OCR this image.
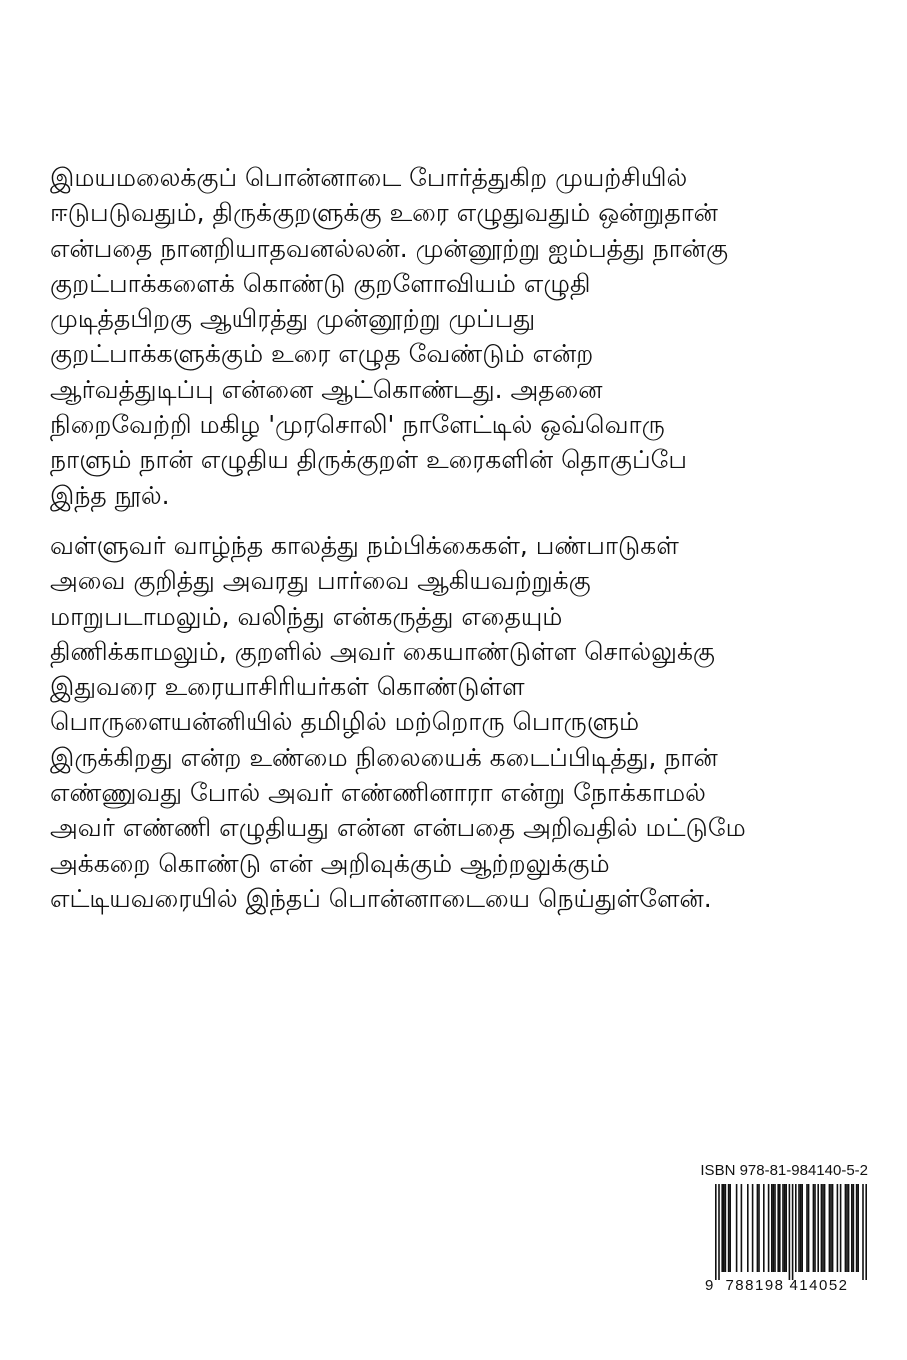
இமயமலைக்குப் பொன்னாடை போர்த்துகிற முயற்சியில்
ஈடுபடுவதும், திருக்குறளுக்கு உரை எழுதுவதும் ஒன்றுதான்
என்பதை நானறியாதவனல்லன். முன்னூற்று ஐம்பத்து நான்கு
குறட்பாக்களைக் கொண்டு குறளோவியம் எழுதி
முடித்தபிறகு ஆயிரத்து முன்னூற்று முப்பது
குறட்பாக்களுக்கும் உரை எழுத வேண்டும் என்ற
ஆர்வத்துடிப்பு என்னை ஆட்கொண்டது. அதனை
நிறைவேற்றி மகிழ 'முரசொலி' நாளேட்டில் ஒவ்வொரு
நாளும் நான் எழுதிய திருக்குறள் உரைகளின் தொகுப்பே
இந்த நூல்.
வள்ளுவர் வாழ்ந்த காலத்து நம்பிக்கைகள், பண்பாடுகள்
அவை குறித்து அவரது பார்வை ஆகியவற்றுக்கு
மாறுபடாமலும், வலிந்து என்கருத்து எதையும்
திணிக்காமலும், குறளில் அவர் கையாண்டுள்ள சொல்லுக்கு
இதுவரை உரையாசிரியர்கள் கொண்டுள்ள
பொருளையன்னியில் தமிழில் மற்றொரு பொருளும்
இருக்கிறது என்ற உண்மை நிலையைக் கடைப்பிடித்து, நான்
எண்ணுவது போல் அவர் எண்ணினாரா என்று நோக்காமல்
அவர் எண்ணி எழுதியது என்ன என்பதை அறிவதில் மட்டுமே
அக்கறை கொண்டு என் அறிவுக்கும் ஆற்றலுக்கும்
எட்டியவரையில் இந்தப் பொன்னாடையை நெய்துள்ளேன்.
ISBN 978-81-984140-5-2
9 788198 414052
